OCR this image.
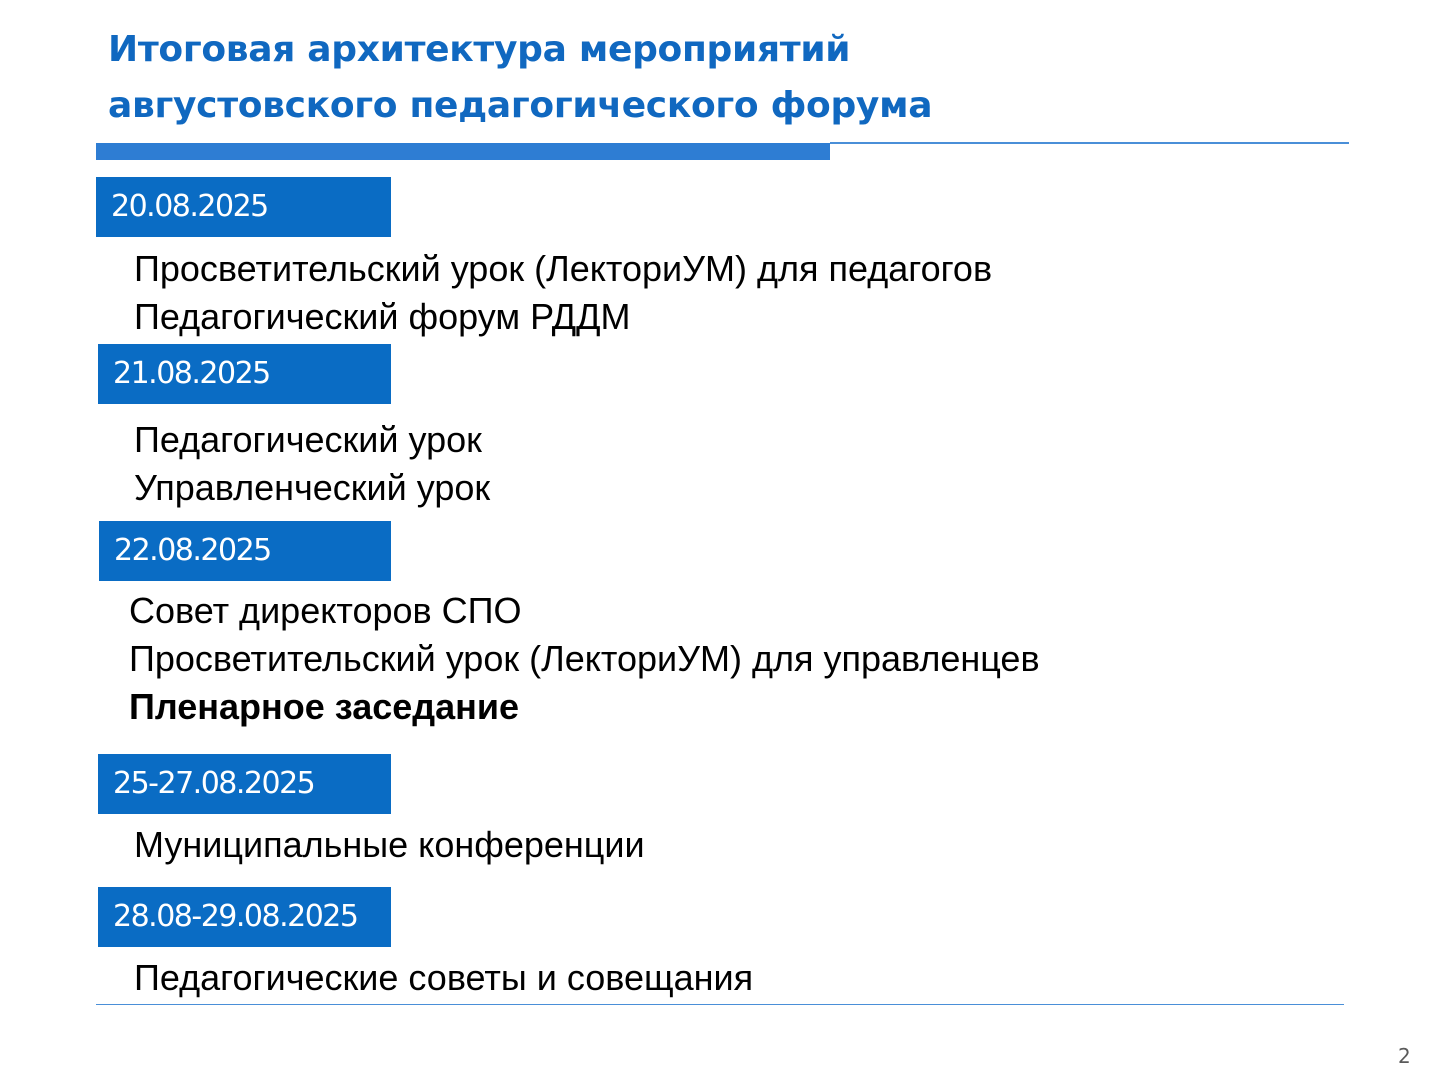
Итоговая архитектура мероприятий
августовского педагогического форума
20.08.2025

Просветительский урок (ЛекториУМ) для педагогов

Педагогический форум РДДМ

21.08.2025

Педагогический урок

Управленческий урок

22.08.2025

Совет директоров СПО

Просветительский урок (ЛекториУМ) для управленцев

Пленарное заседание

25-27.08.2025

Муниципальные конференции

28.08-29.08.2025

Педагогические советы и совещания

2
